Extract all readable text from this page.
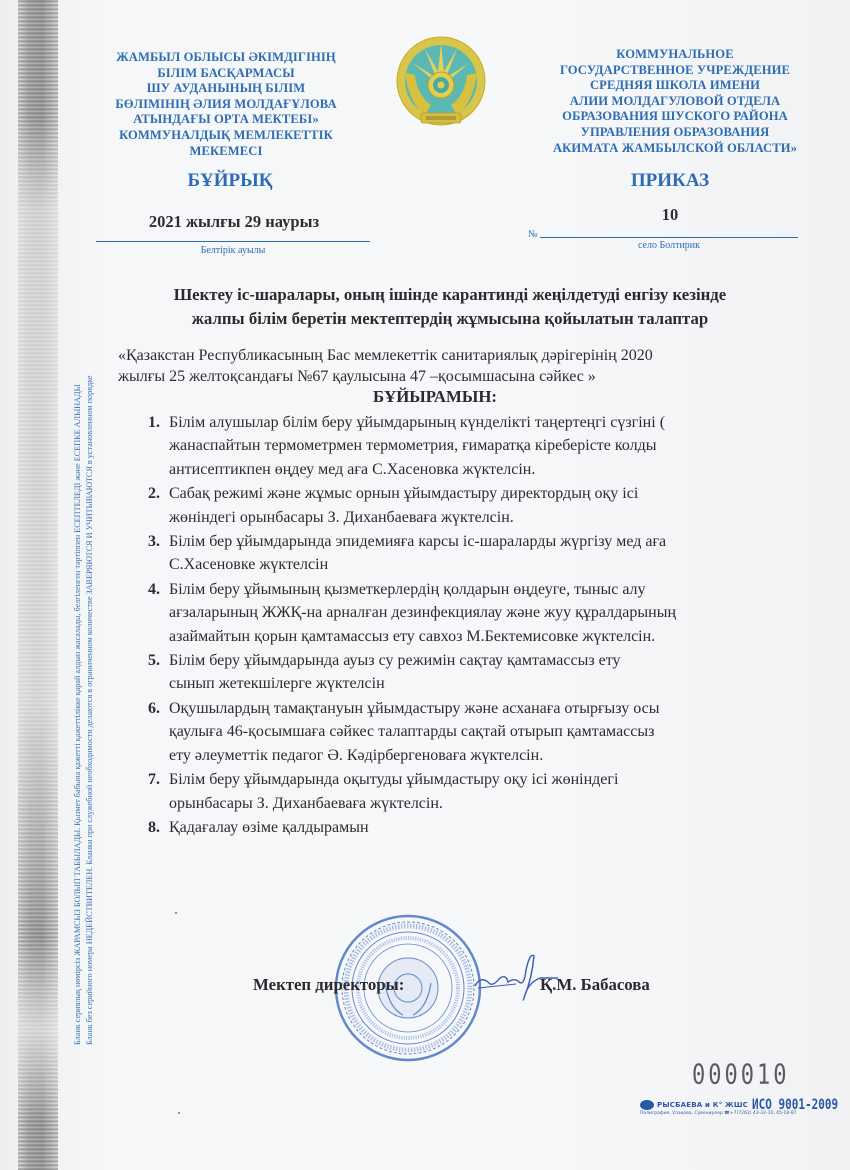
Бланк сериялық нөмірсіз ЖАРАМСЫЗ БОЛЫП ТАБЫЛАДЫ. Қызмет бабына қажетті қажеттілікке қарай алдын жасалады, белгіленген тәртіппен ЕСЕПТЕЛЕДІ және ЕСЕПКЕ АЛЫНАДЫ Бланк без серийного номера НЕДЕЙСТВИТЕЛЕН. Бланки при служебной необходимости делаются в ограниченном количестве ЗАВЕРЯЮТСЯ И УЧИТЫВАЮТСЯ в установленном порядке
ЖАМБЫЛ ОБЛЫСЫ ӘКІМДІГІНІҢ
БІЛІМ БАСҚАРМАСЫ
ШУ АУДАНЫНЫҢ БІЛІМ
БӨЛІМІНІҢ ӘЛИЯ МОЛДАҒҰЛОВА
АТЫНДАҒЫ ОРТА МЕКТЕБІ»
КОММУНАЛДЫҚ МЕМЛЕКЕТТІК
МЕКЕМЕСІ
КОММУНАЛЬНОЕ
ГОСУДАРСТВЕННОЕ УЧРЕЖДЕНИЕ
СРЕДНЯЯ ШКОЛА ИМЕНИ
АЛИИ МОЛДАГУЛОВОЙ ОТДЕЛА
ОБРАЗОВАНИЯ ШУСКОГО РАЙОНА
УПРАВЛЕНИЯ ОБРАЗОВАНИЯ
АКИМАТА ЖАМБЫЛСКОЙ ОБЛАСТИ»
БҰЙРЫҚ	ПРИКАЗ
2021 жылғы 29 наурыз
Белтірік ауылы
10
№
село Болтирик
Шектеу іс-шаралары, оның ішінде карантинді жеңілдетуді енгізу кезінде
жалпы білім беретін мектептердің жұмысына қойылатын талаптар
«Қазакстан Республикасының Бас мемлекеттік санитариялық дәрігерінің 2020
жылғы 25 желтоқсандағы №67 қаулысына 47 –қосымшасына сәйкес »
БҰЙЫРАМЫН:
1. Білім алушылар білім беру ұйымдарының күнделікті таңертеңгі сүзгіні (
жанаспайтын термометрмен термометрия, ғимаратқа кіреберісте колды
антисептикпен өңдеу мед аға С.Хасеновка жүктелсін.
2. Сабақ режимі және жұмыс орнын ұйымдастыру директордың оқу ісі
жөніндегі орынбасары З. Диханбаеваға жүктелсін.
3. Білім бер ұйымдарында эпидемияға карсы іс-шараларды жүргізу мед аға
С.Хасеновке жүктелсін
4. Білім беру ұйымының қызметкерлердің қолдарын өңдеуге, тыныс алу
ағзаларының ЖЖҚ-на арналған дезинфекциялау және жуу құралдарының
азаймайтын қорын қамтамассыз ету савхоз М.Бектемисовке жүктелсін.
5. Білім беру ұйымдарында ауыз су режимін сақтау қамтамассыз ету
сынып жетекшілерге жүктелсін
6. Оқушылардың тамақтануын ұйымдастыру және асханаға отырғызу осы
қаулыға 46-қосымшаға сәйкес талаптарды сақтай отырып қамтамассыз
ету әлеуметтік педагог Ә. Кәдірбергеноваға жүктелсін.
7. Білім беру ұйымдарында оқытуды ұйымдастыру оқу ісі жөніндегі
орынбасары З. Диханбаеваға жүктелсін.
8. Қадағалау өзіме қалдырамын
Мектеп директоры:	Қ.М. Бабасова
000010
РЫСБАЕВА и К° ЖШС ИСО 9001-2009
Полиграфия, Ұлақова, Сувенирлер ☎+7(7262) 43-32-10, 45-18-87
